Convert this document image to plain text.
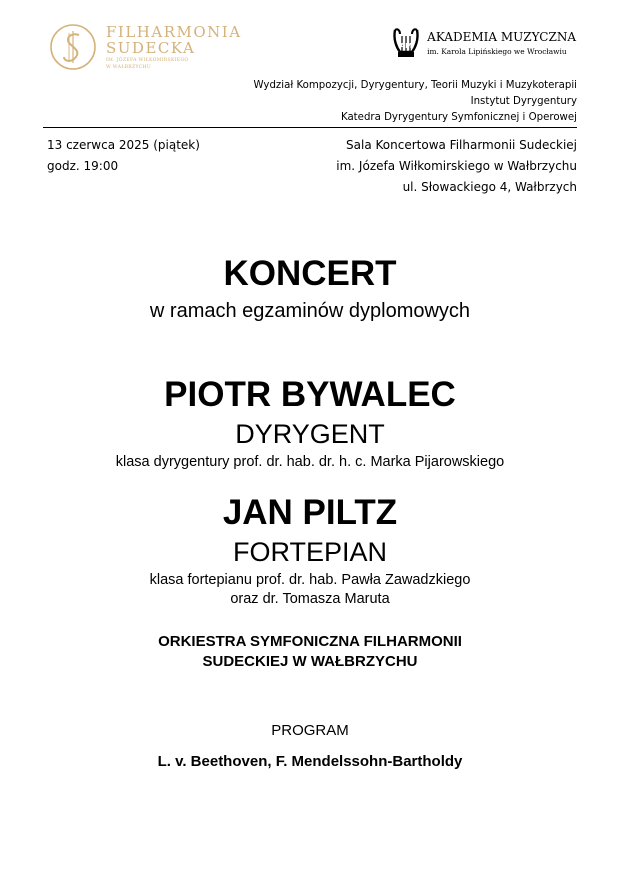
FILHARMONIA
SUDECKA
IM. JÓZEFA WIŁKOMIRSKIEGO
W WAŁBRZYCHU
AM
AKADEMIA MUZYCZNA
im. Karola Lipińskiego we Wrocławiu
Wydział Kompozycji, Dyrygentury, Teorii Muzyki i Muzykoterapii
Instytut Dyrygentury
Katedra Dyrygentury Symfonicznej i Operowej
13 czerwca 2025 (piątek)
godz. 19:00
Sala Koncertowa Filharmonii Sudeckiej
im. Józefa Wiłkomirskiego w Wałbrzychu
ul. Słowackiego 4, Wałbrzych
KONCERT
w ramach egzaminów dyplomowych
PIOTR BYWALEC
DYRYGENT
klasa dyrygentury prof. dr. hab. dr. h. c. Marka Pijarowskiego
JAN PILTZ
FORTEPIAN
klasa fortepianu prof. dr. hab. Pawła Zawadzkiego
oraz dr. Tomasza Maruta
ORKIESTRA SYMFONICZNA FILHARMONII
SUDECKIEJ W WAŁBRZYCHU
PROGRAM
L. v. Beethoven, F. Mendelssohn-Bartholdy
